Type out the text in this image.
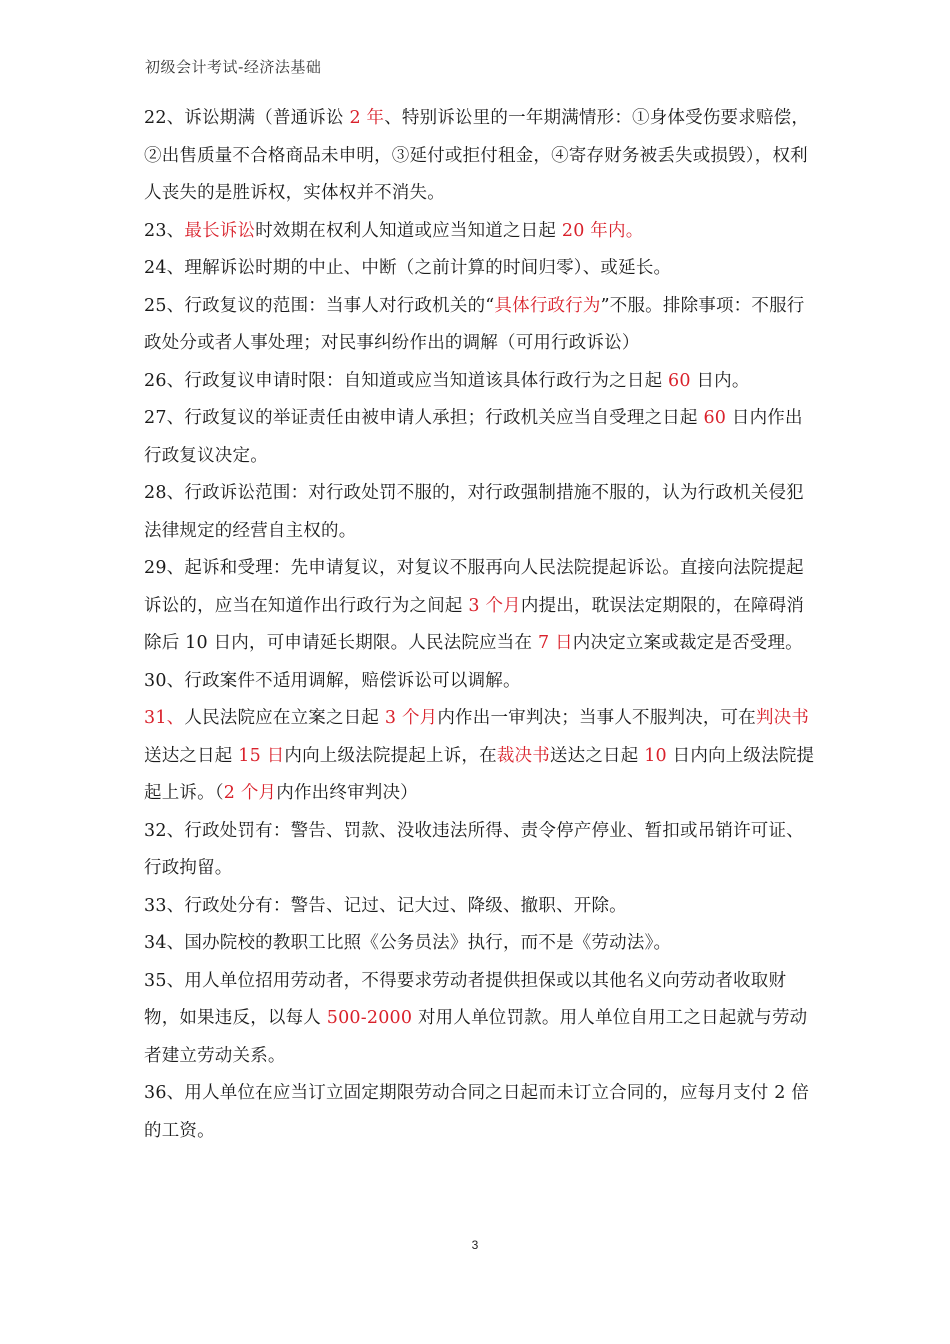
初级会计考试-经济法基础

22、诉讼期满（普通诉讼 2 年、特别诉讼里的一年期满情形：①身体受伤要求赔偿，②出售质量不合格商品未申明，③延付或拒付租金，④寄存财务被丢失或损毁），权利人丧失的是胜诉权，实体权并不消失。

23、最长诉讼时效期在权利人知道或应当知道之日起 20 年内。

24、理解诉讼时期的中止、中断（之前计算的时间归零）、或延长。

25、行政复议的范围：当事人对行政机关的“具体行政行为”不服。排除事项：不服行政处分或者人事处理；对民事纠纷作出的调解（可用行政诉讼）

26、行政复议申请时限：自知道或应当知道该具体行政行为之日起 60 日内。

27、行政复议的举证责任由被申请人承担；行政机关应当自受理之日起 60 日内作出行政复议决定。

28、行政诉讼范围：对行政处罚不服的，对行政强制措施不服的，认为行政机关侵犯法律规定的经营自主权的。

29、起诉和受理：先申请复议，对复议不服再向人民法院提起诉讼。直接向法院提起诉讼的，应当在知道作出行政行为之间起 3 个月内提出，耽误法定期限的，在障碍消除后 10 日内，可申请延长期限。人民法院应当在 7 日内决定立案或裁定是否受理。

30、行政案件不适用调解，赔偿诉讼可以调解。

31、人民法院应在立案之日起 3 个月内作出一审判决；当事人不服判决，可在判决书送达之日起 15 日内向上级法院提起上诉，在裁决书送达之日起 10 日内向上级法院提起上诉。（2 个月内作出终审判决）

32、行政处罚有：警告、罚款、没收违法所得、责令停产停业、暂扣或吊销许可证、行政拘留。

33、行政处分有：警告、记过、记大过、降级、撤职、开除。

34、国办院校的教职工比照《公务员法》执行，而不是《劳动法》。

35、用人单位招用劳动者，不得要求劳动者提供担保或以其他名义向劳动者收取财物，如果违反，以每人 500-2000 对用人单位罚款。用人单位自用工之日起就与劳动者建立劳动关系。

36、用人单位在应当订立固定期限劳动合同之日起而未订立合同的，应每月支付 2 倍的工资。

3
